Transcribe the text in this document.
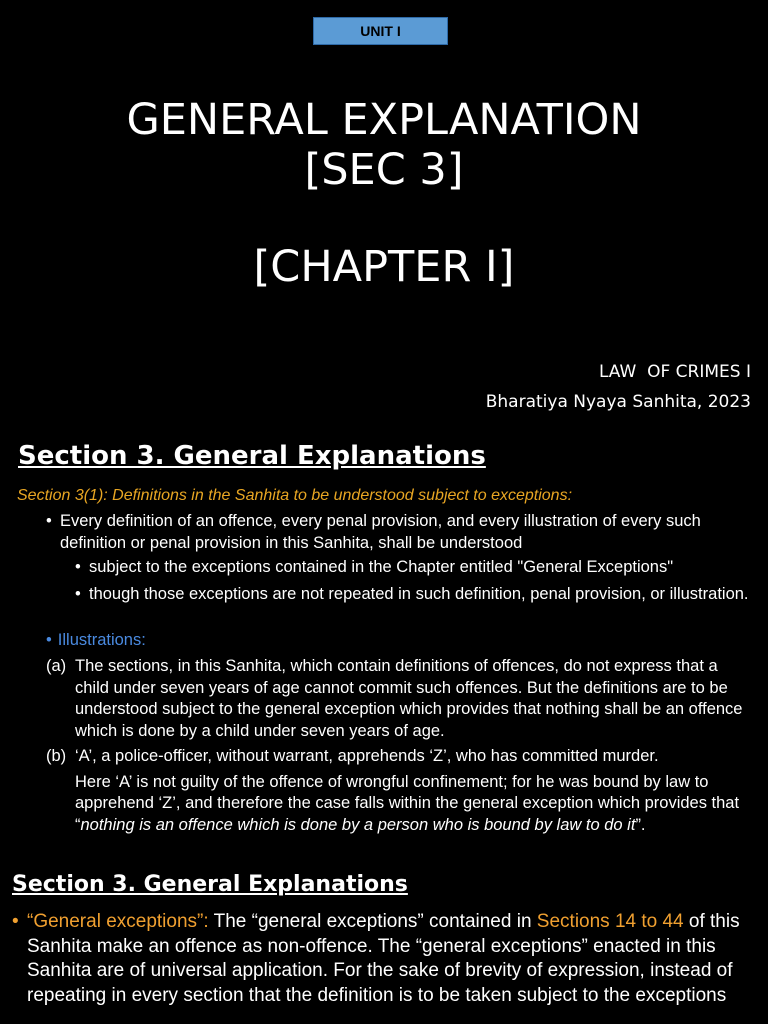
UNIT I
GENERAL EXPLANATION
[SEC 3]
[CHAPTER I]
LAW  OF CRIMES I
Bharatiya Nyaya Sanhita, 2023
Section 3. General Explanations
Section 3(1): Definitions in the Sanhita to be understood subject to exceptions:
• Every definition of an offence, every penal provision, and every illustration of every such definition or penal provision in this Sanhita, shall be understood
• subject to the exceptions contained in the Chapter entitled "General Exceptions"
• though those exceptions are not repeated in such definition, penal provision, or illustration.
• Illustrations:
(a) The sections, in this Sanhita, which contain definitions of offences, do not express that a child under seven years of age cannot commit such offences. But the definitions are to be understood subject to the general exception which provides that nothing shall be an offence which is done by a child under seven years of age.
(b) ‘A’, a police-officer, without warrant, apprehends ‘Z’, who has committed murder.

Here ‘A’ is not guilty of the offence of wrongful confinement; for he was bound by law to apprehend ‘Z’, and therefore the case falls within the general exception which provides that “nothing is an offence which is done by a person who is bound by law to do it”.

Section 3. General Explanations
• “General exceptions”: The “general exceptions” contained in Sections 14 to 44 of this Sanhita make an offence as non-offence. The “general exceptions” enacted in this Sanhita are of universal application. For the sake of brevity of expression, instead of repeating in every section that the definition is to be taken subject to the exceptions
